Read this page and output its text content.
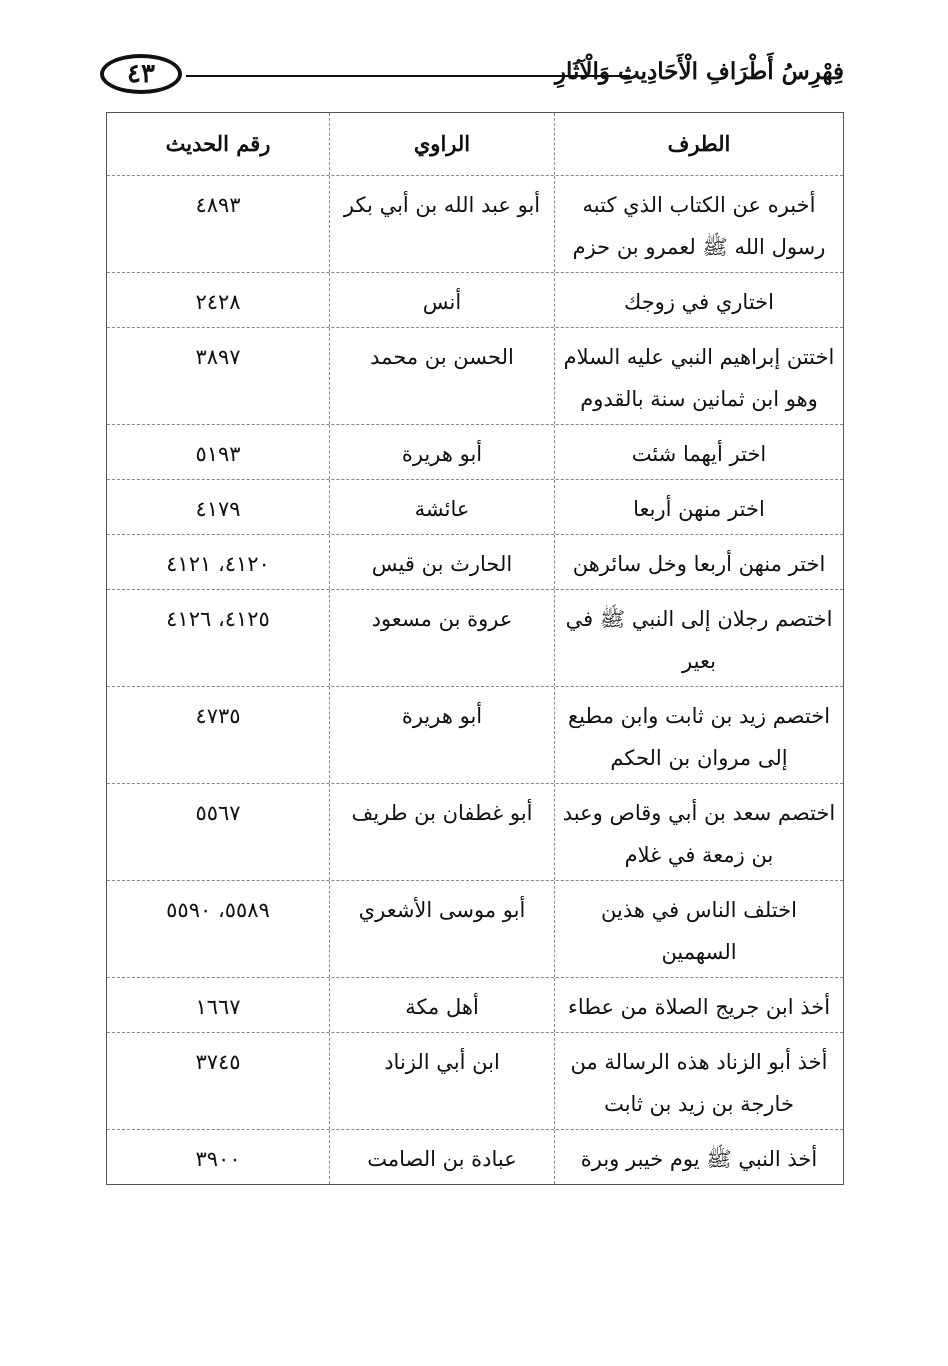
٤٣	فِهْرِسُ أَطْرَافِ الْأَحَادِيثِ وَالْآثَارِ
الطرف
الراوي
رقم الحديث
أخبره عن الكتاب الذي كتبه رسول الله ﷺ لعمرو بن حزم
أبو عبد الله بن أبي بكر
٤٨٩٣
اختاري في زوجك
أنس
٢٤٢٨
اختتن إبراهيم النبي عليه السلام وهو ابن ثمانين سنة بالقدوم
الحسن بن محمد
٣٨٩٧
اختر أيهما شئت
أبو هريرة
٥١٩٣
اختر منهن أربعا
عائشة
٤١٧٩
اختر منهن أربعا وخل سائرهن
الحارث بن قيس
٤١٢٠، ٤١٢١
اختصم رجلان إلى النبي ﷺ في بعير
عروة بن مسعود
٤١٢٥، ٤١٢٦
اختصم زيد بن ثابت وابن مطيع إلى مروان بن الحكم
أبو هريرة
٤٧٣٥
اختصم سعد بن أبي وقاص وعبد بن زمعة في غلام
أبو غطفان بن طريف
٥٥٦٧
اختلف الناس في هذين السهمين
أبو موسى الأشعري
٥٥٨٩، ٥٥٩٠
أخذ ابن جريج الصلاة من عطاء
أهل مكة
١٦٦٧
أخذ أبو الزناد هذه الرسالة من خارجة بن زيد بن ثابت
ابن أبي الزناد
٣٧٤٥
أخذ النبي ﷺ يوم خيبر وبرة
عبادة بن الصامت
٣٩٠٠
